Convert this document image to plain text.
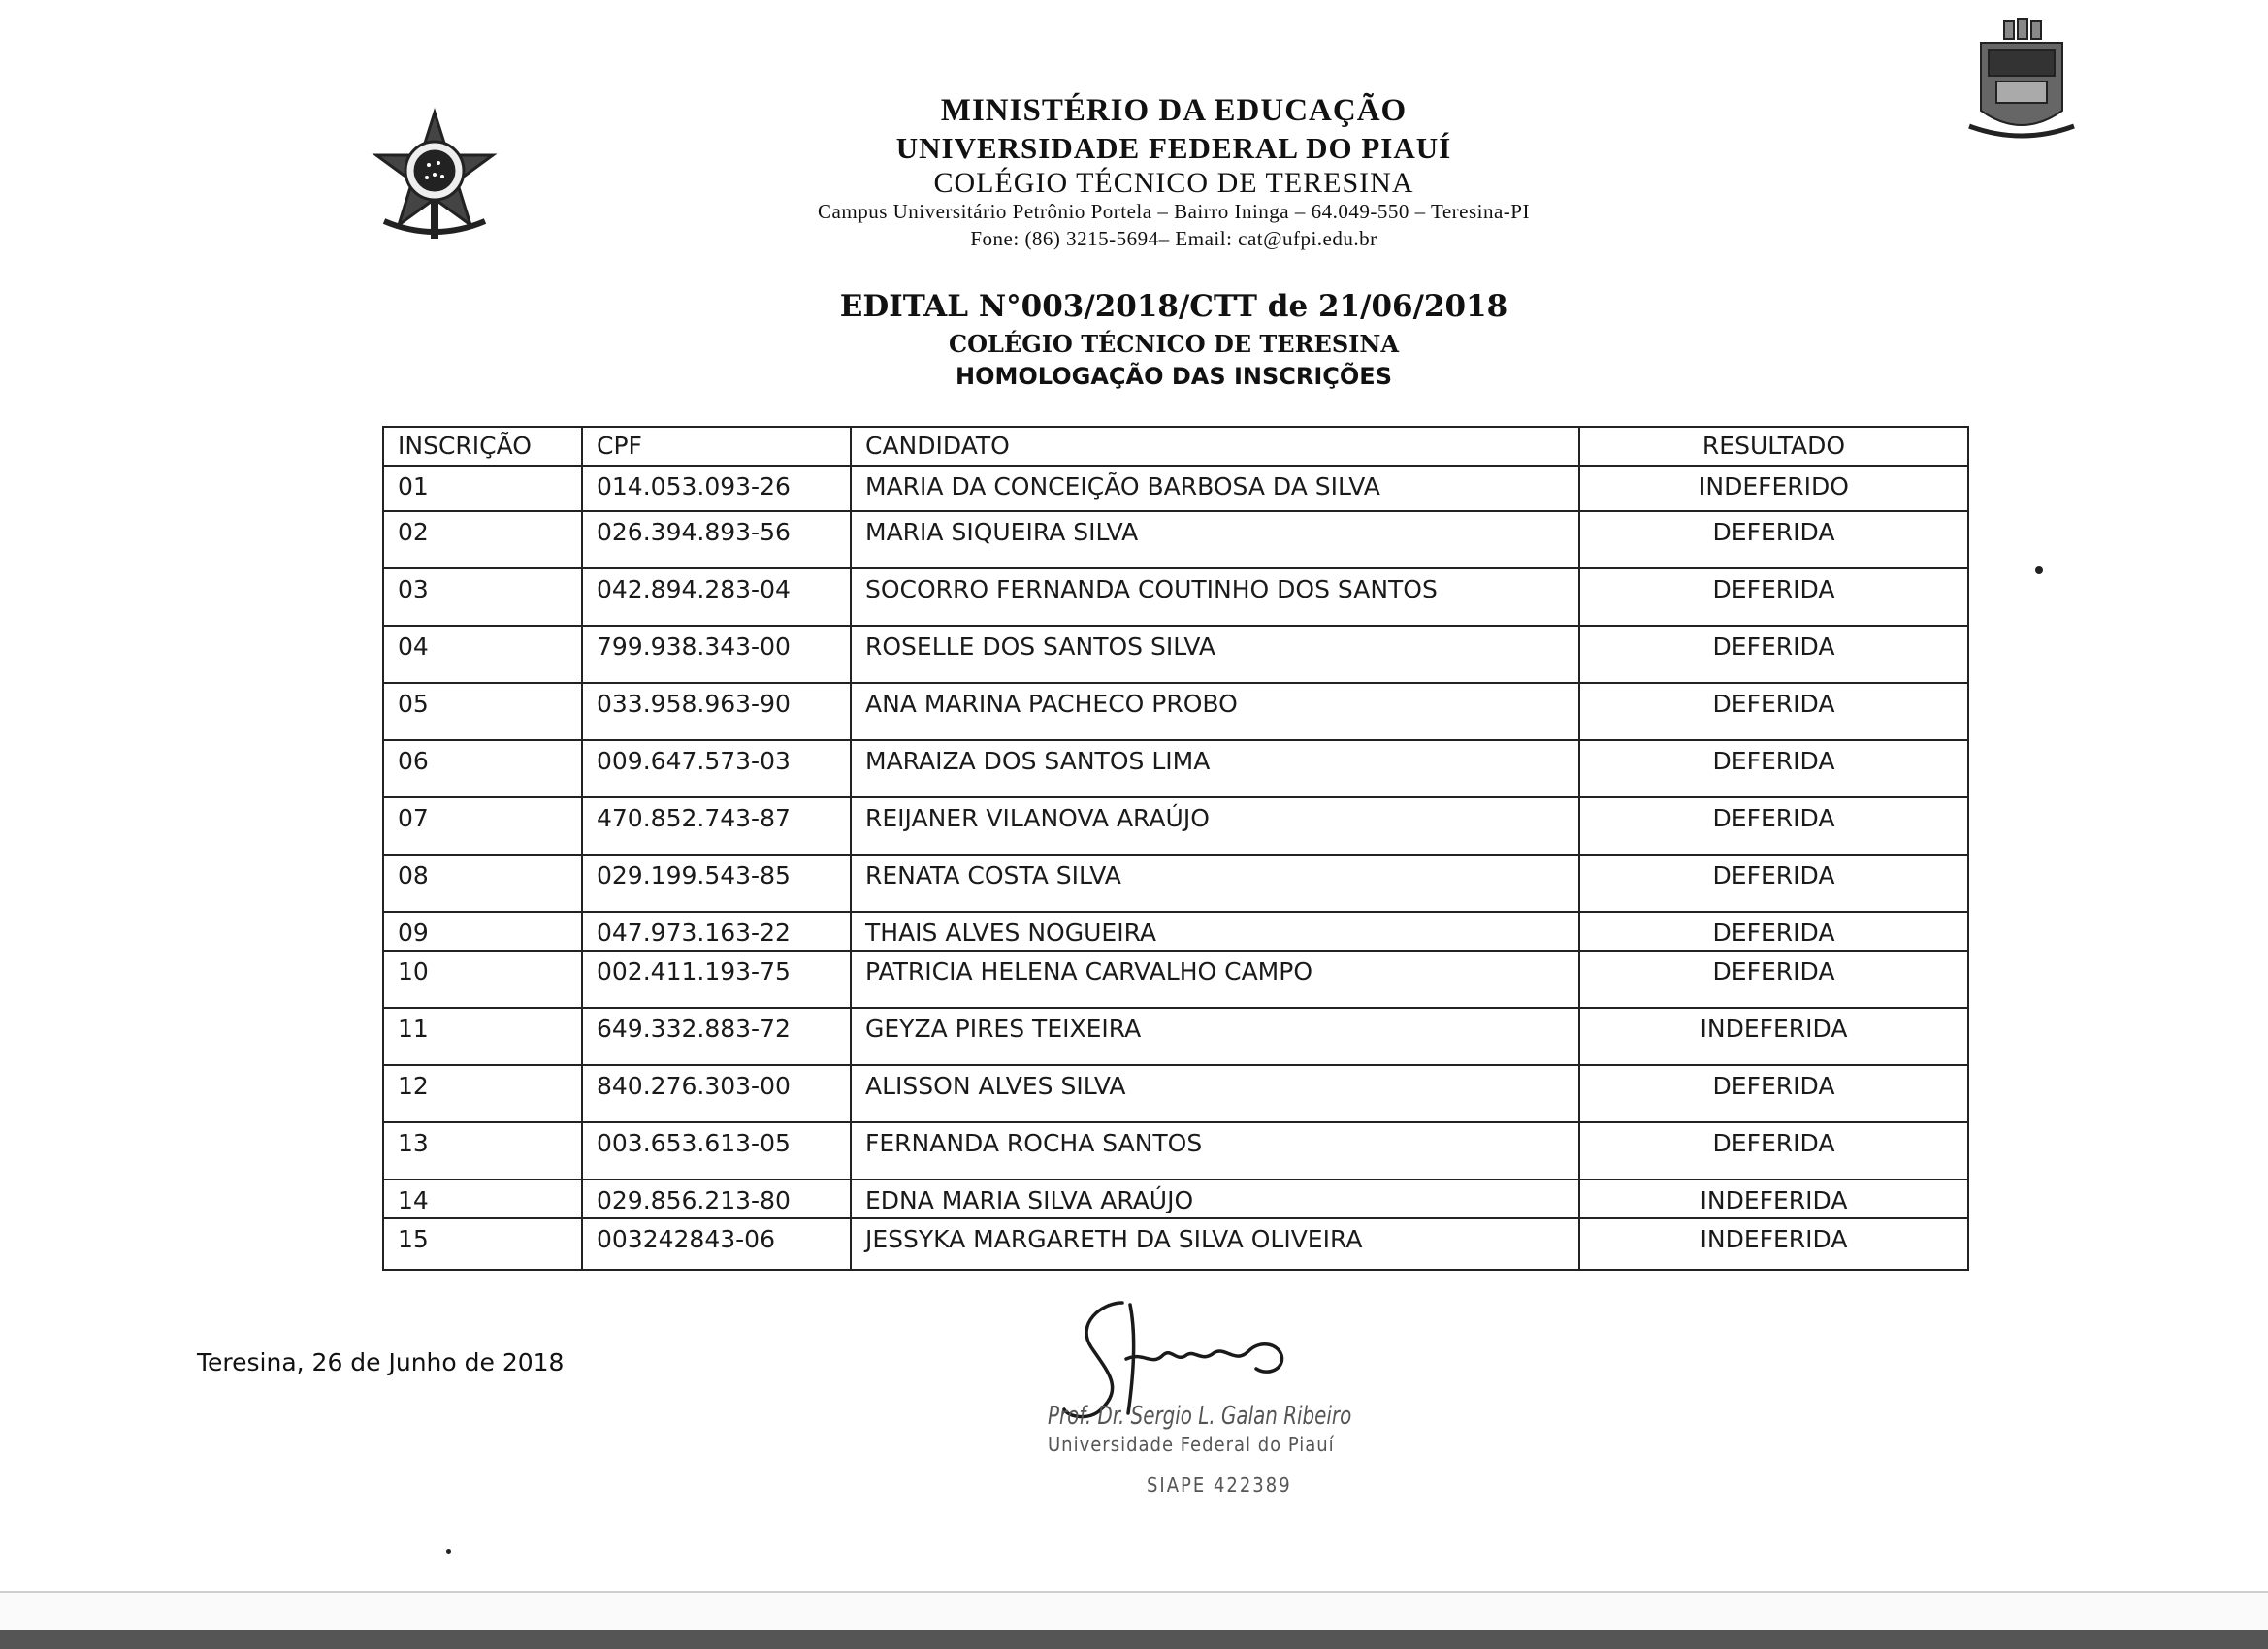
MINISTÉRIO DA EDUCAÇÃO
UNIVERSIDADE FEDERAL DO PIAUÍ
COLÉGIO TÉCNICO DE TERESINA
Campus Universitário Petrônio Portela – Bairro Ininga – 64.049-550 – Teresina-PI
Fone: (86) 3215-5694– Email: cat@ufpi.edu.br
EDITAL N°003/2018/CTT de 21/06/2018
COLÉGIO TÉCNICO DE TERESINA
HOMOLOGAÇÃO DAS INSCRIÇÕES
INSCRIÇÃO	CPF	CANDIDATO	RESULTADO
01	014.053.093-26	MARIA DA CONCEIÇÃO BARBOSA DA SILVA	INDEFERIDO
02	026.394.893-56	MARIA SIQUEIRA SILVA	DEFERIDA
03	042.894.283-04	SOCORRO FERNANDA COUTINHO DOS SANTOS	DEFERIDA
04	799.938.343-00	ROSELLE DOS SANTOS SILVA	DEFERIDA
05	033.958.963-90	ANA MARINA PACHECO PROBO	DEFERIDA
06	009.647.573-03	MARAIZA DOS SANTOS LIMA	DEFERIDA
07	470.852.743-87	REIJANER VILANOVA ARAÚJO	DEFERIDA
08	029.199.543-85	RENATA COSTA SILVA	DEFERIDA
09	047.973.163-22	THAIS ALVES NOGUEIRA	DEFERIDA
10	002.411.193-75	PATRICIA HELENA CARVALHO CAMPO	DEFERIDA
11	649.332.883-72	GEYZA PIRES TEIXEIRA	INDEFERIDA
12	840.276.303-00	ALISSON ALVES SILVA	DEFERIDA
13	003.653.613-05	FERNANDA ROCHA SANTOS	DEFERIDA
14	029.856.213-80	EDNA MARIA SILVA ARAÚJO	INDEFERIDA
15	003242843-06	JESSYKA MARGARETH DA SILVA OLIVEIRA	INDEFERIDA
Teresina, 26 de Junho de 2018
Prof. Dr. Sergio L. Galan Ribeiro
Universidade Federal do Piauí
SIAPE 422389
